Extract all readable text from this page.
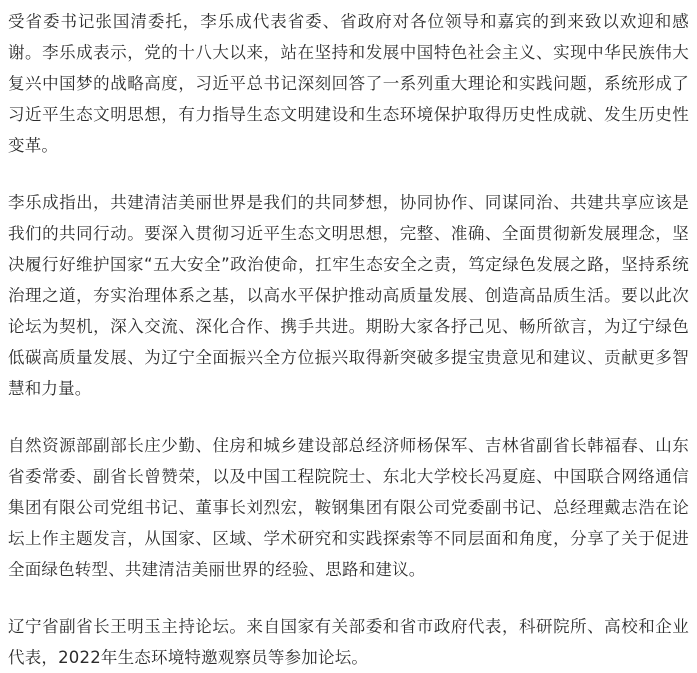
受省委书记张国清委托，李乐成代表省委、省政府对各位领导和嘉宾的到来致以欢迎和感谢。李乐成表示，党的十八大以来，站在坚持和发展中国特色社会主义、实现中华民族伟大复兴中国梦的战略高度，习近平总书记深刻回答了一系列重大理论和实践问题，系统形成了习近平生态文明思想，有力指导生态文明建设和生态环境保护取得历史性成就、发生历史性变革。

李乐成指出，共建清洁美丽世界是我们的共同梦想，协同协作、同谋同治、共建共享应该是我们的共同行动。要深入贯彻习近平生态文明思想，完整、准确、全面贯彻新发展理念，坚决履行好维护国家“五大安全”政治使命，扛牢生态安全之责，笃定绿色发展之路，坚持系统治理之道，夯实治理体系之基，以高水平保护推动高质量发展、创造高品质生活。要以此次论坛为契机，深入交流、深化合作、携手共进。期盼大家各抒己见、畅所欲言，为辽宁绿色低碳高质量发展、为辽宁全面振兴全方位振兴取得新突破多提宝贵意见和建议、贡献更多智慧和力量。

自然资源部副部长庄少勤、住房和城乡建设部总经济师杨保军、吉林省副省长韩福春、山东省委常委、副省长曾赞荣，以及中国工程院院士、东北大学校长冯夏庭、中国联合网络通信集团有限公司党组书记、董事长刘烈宏，鞍钢集团有限公司党委副书记、总经理戴志浩在论坛上作主题发言，从国家、区域、学术研究和实践探索等不同层面和角度，分享了关于促进全面绿色转型、共建清洁美丽世界的经验、思路和建议。

辽宁省副省长王明玉主持论坛。来自国家有关部委和省市政府代表，科研院所、高校和企业代表，2022年生态环境特邀观察员等参加论坛。
